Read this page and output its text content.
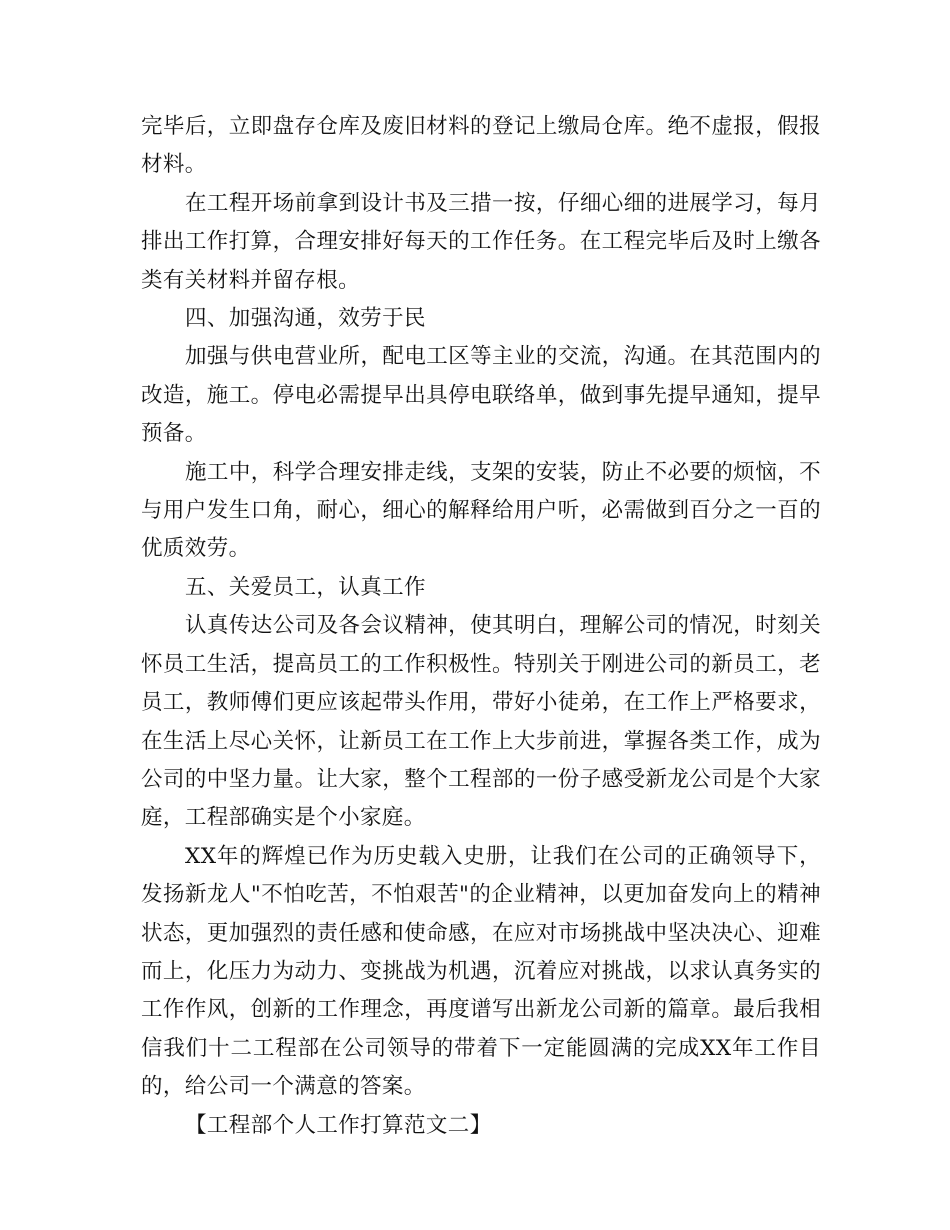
完毕后，立即盘存仓库及废旧材料的登记上缴局仓库。绝不虚报，假报材料。

在工程开场前拿到设计书及三措一按，仔细心细的进展学习，每月排出工作打算，合理安排好每天的工作任务。在工程完毕后及时上缴各类有关材料并留存根。

四、加强沟通，效劳于民

加强与供电营业所，配电工区等主业的交流，沟通。在其范围内的改造，施工。停电必需提早出具停电联络单，做到事先提早通知，提早预备。

施工中，科学合理安排走线，支架的安装，防止不必要的烦恼，不与用户发生口角，耐心，细心的解释给用户听，必需做到百分之一百的优质效劳。

五、关爱员工，认真工作

认真传达公司及各会议精神，使其明白，理解公司的情况，时刻关怀员工生活，提高员工的工作积极性。特别关于刚进公司的新员工，老员工，教师傅们更应该起带头作用，带好小徒弟，在工作上严格要求，在生活上尽心关怀，让新员工在工作上大步前进，掌握各类工作，成为公司的中坚力量。让大家，整个工程部的一份子感受新龙公司是个大家庭，工程部确实是个小家庭。

XX年的辉煌已作为历史载入史册，让我们在公司的正确领导下，发扬新龙人"不怕吃苦，不怕艰苦"的企业精神，以更加奋发向上的精神状态，更加强烈的责任感和使命感，在应对市场挑战中坚决决心、迎难而上，化压力为动力、变挑战为机遇，沉着应对挑战，以求认真务实的工作作风，创新的工作理念，再度谱写出新龙公司新的篇章。最后我相信我们十二工程部在公司领导的带着下一定能圆满的完成XX年工作目的，给公司一个满意的答案。

【工程部个人工作打算范文二】
